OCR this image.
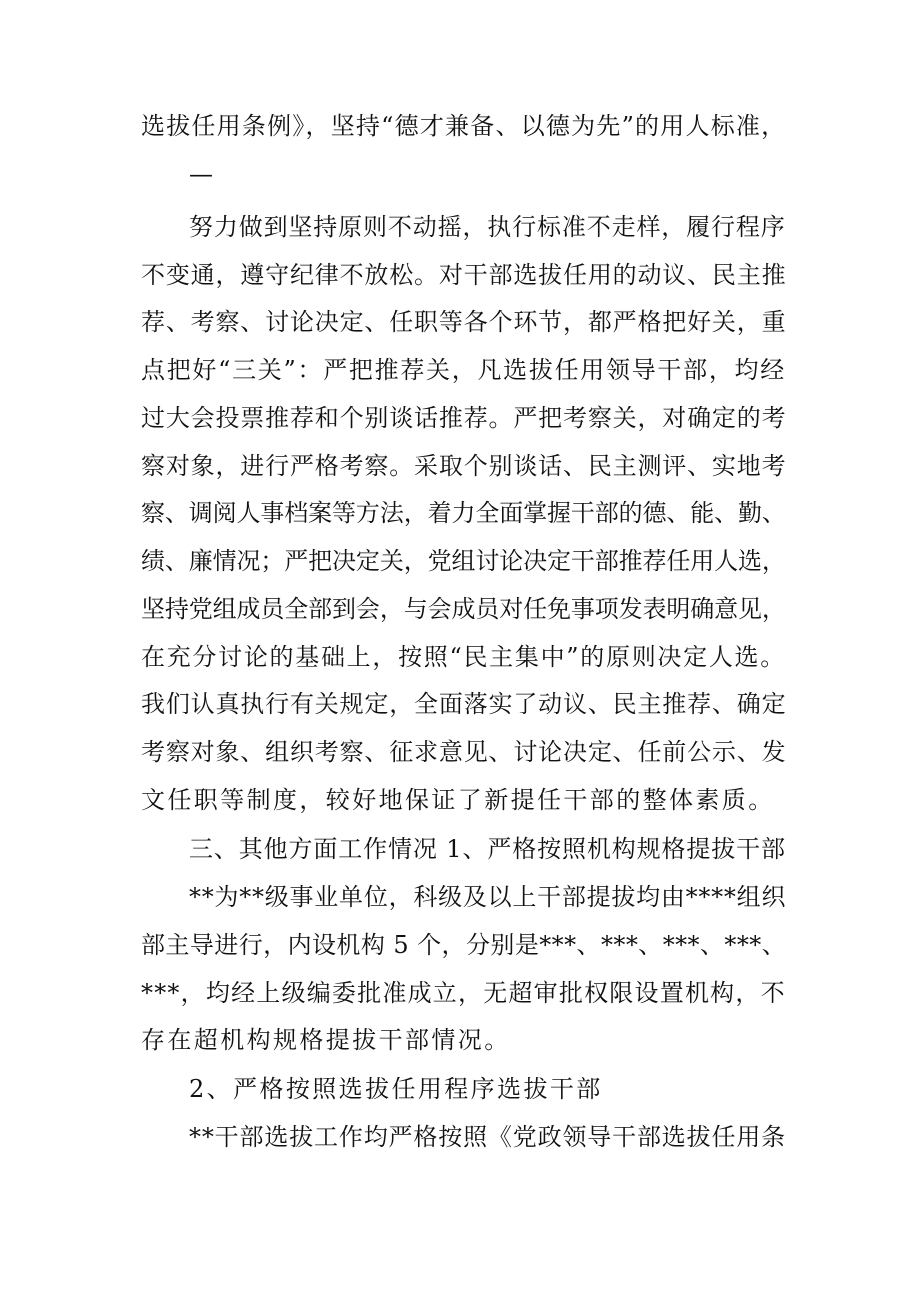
选拔任用条例》，坚持“德才兼备、以德为先”的用人标准，
—
努力做到坚持原则不动摇，执行标准不走样，履行程序
不变通，遵守纪律不放松。对干部选拔任用的动议、民主推
荐、考察、讨论决定、任职等各个环节，都严格把好关，重
点把好“三关”：严把推荐关，凡选拔任用领导干部，均经
过大会投票推荐和个别谈话推荐。严把考察关，对确定的考
察对象，进行严格考察。采取个别谈话、民主测评、实地考
察、调阅人事档案等方法，着力全面掌握干部的德、能、勤、
绩、廉情况；严把决定关，党组讨论决定干部推荐任用人选，
坚持党组成员全部到会，与会成员对任免事项发表明确意见，
在充分讨论的基础上，按照“民主集中”的原则决定人选。
我们认真执行有关规定，全面落实了动议、民主推荐、确定
考察对象、组织考察、征求意见、讨论决定、任前公示、发
文任职等制度，较好地保证了新提任干部的整体素质。
三、其他方面工作情况 1、严格按照机构规格提拔干部
**为**级事业单位，科级及以上干部提拔均由****组织
部主导进行，内设机构 5 个，分别是***、***、***、***、
***，均经上级编委批准成立，无超审批权限设置机构，不
存在超机构规格提拔干部情况。
2、严格按照选拔任用程序选拔干部
**干部选拔工作均严格按照《党政领导干部选拔任用条
